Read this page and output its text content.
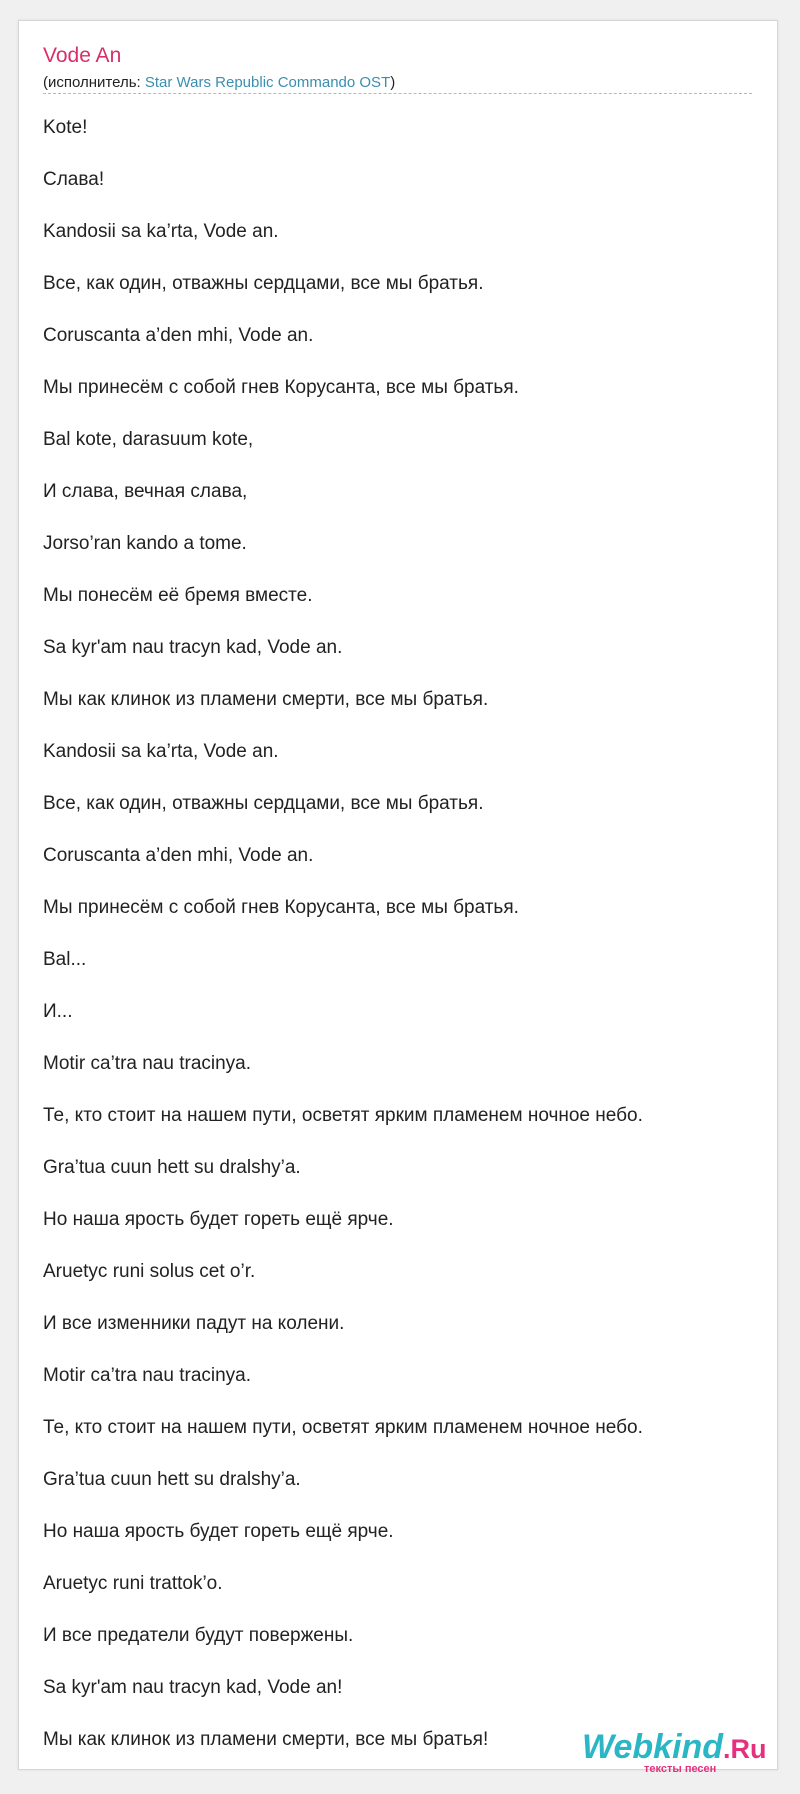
Vode An
(исполнитель: Star Wars Republic Commando OST)
Kote!
Слава!
Kandosii sa ka’rta, Vode an.
Все, как один, отважны сердцами, все мы братья.
Coruscanta a’den mhi, Vode an.
Мы принесём с собой гнев Корусанта, все мы братья.
Bal kote, darasuum kote,
И слава, вечная слава,
Jorso’ran kando a tome.
Мы понесём её бремя вместе.
Sa kyr'am nau tracyn kad, Vode an.
Мы как клинок из пламени смерти, все мы братья.
Kandosii sa ka’rta, Vode an.
Все, как один, отважны сердцами, все мы братья.
Coruscanta a’den mhi, Vode an.
Мы принесём с собой гнев Корусанта, все мы братья.
Bal...
И...
Motir ca’tra nau tracinya.
Те, кто стоит на нашем пути, осветят ярким пламенем ночное небо.
Gra’tua cuun hett su dralshy’a.
Но наша ярость будет гореть ещё ярче.
Aruetyc runi solus cet o’r.
И все изменники падут на колени.
Motir ca’tra nau tracinya.
Те, кто стоит на нашем пути, осветят ярким пламенем ночное небо.
Gra’tua cuun hett su dralshy’a.
Но наша ярость будет гореть ещё ярче.
Aruetyc runi trattok’o.
И все предатели будут повержены.
Sa kyr'am nau tracyn kad, Vode an!
Мы как клинок из пламени смерти, все мы братья!	Webkind.Ru
тексты песен
